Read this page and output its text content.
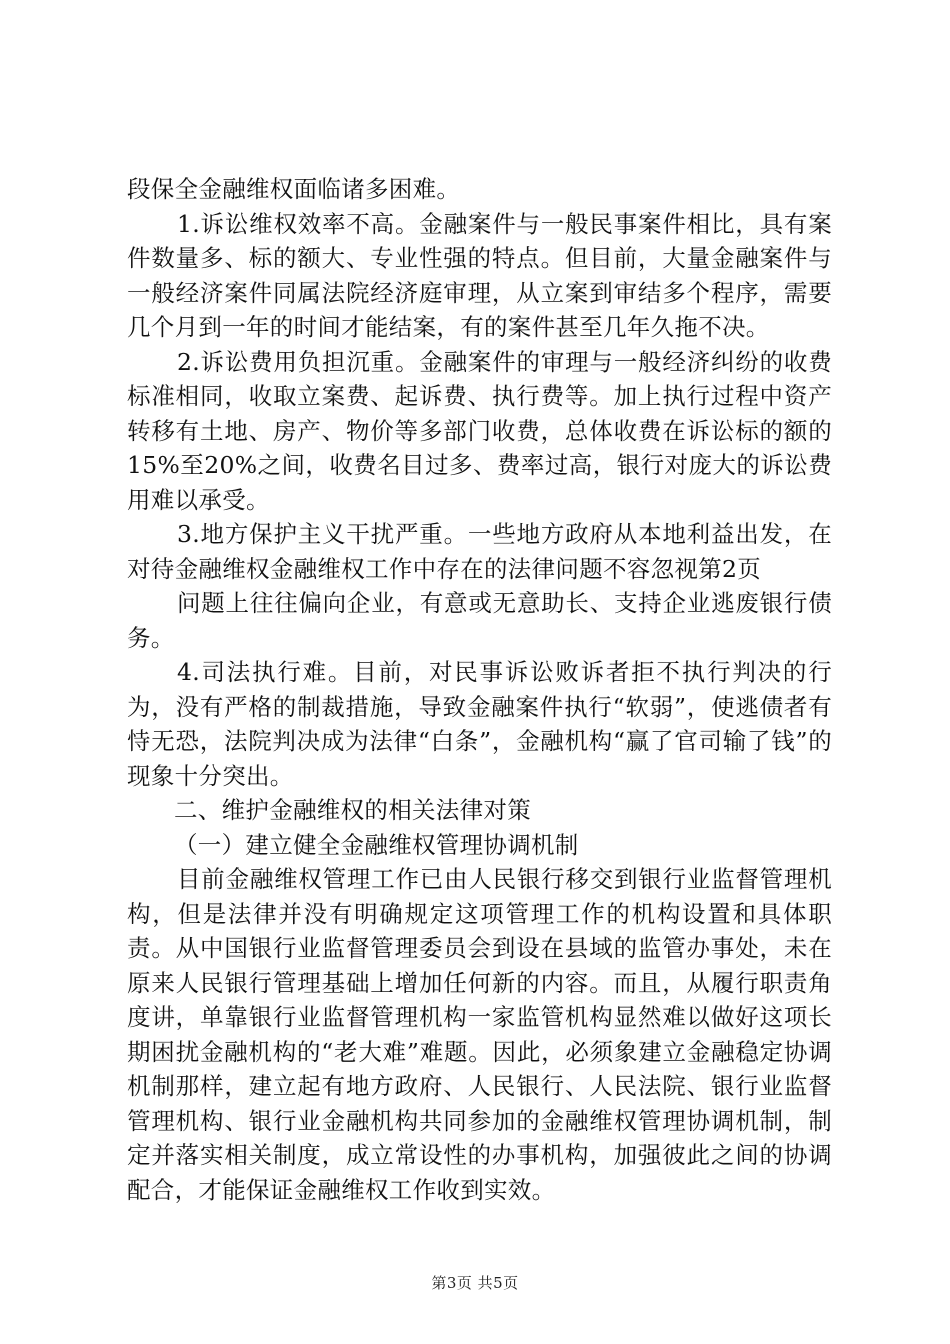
段保全金融维权面临诸多困难。

1.诉讼维权效率不高。金融案件与一般民事案件相比，具有案件数量多、标的额大、专业性强的特点。但目前，大量金融案件与一般经济案件同属法院经济庭审理，从立案到审结多个程序，需要几个月到一年的时间才能结案，有的案件甚至几年久拖不决。

2.诉讼费用负担沉重。金融案件的审理与一般经济纠纷的收费标准相同，收取立案费、起诉费、执行费等。加上执行过程中资产转移有土地、房产、物价等多部门收费，总体收费在诉讼标的额的15%至20%之间，收费名目过多、费率过高，银行对庞大的诉讼费用难以承受。

3.地方保护主义干扰严重。一些地方政府从本地利益出发，在对待金融维权金融维权工作中存在的法律问题不容忽视第2页

问题上往往偏向企业，有意或无意助长、支持企业逃废银行债务。

4.司法执行难。目前，对民事诉讼败诉者拒不执行判决的行为，没有严格的制裁措施，导致金融案件执行“软弱”，使逃债者有恃无恐，法院判决成为法律“白条”，金融机构“赢了官司输了钱”的现象十分突出。

二、维护金融维权的相关法律对策

（一）建立健全金融维权管理协调机制

目前金融维权管理工作已由人民银行移交到银行业监督管理机构，但是法律并没有明确规定这项管理工作的机构设置和具体职责。从中国银行业监督管理委员会到设在县域的监管办事处，未在原来人民银行管理基础上增加任何新的内容。而且，从履行职责角度讲，单靠银行业监督管理机构一家监管机构显然难以做好这项长期困扰金融机构的“老大难”难题。因此，必须象建立金融稳定协调机制那样，建立起有地方政府、人民银行、人民法院、银行业监督管理机构、银行业金融机构共同参加的金融维权管理协调机制，制定并落实相关制度，成立常设性的办事机构，加强彼此之间的协调配合，才能保证金融维权工作收到实效。

第3页 共5页
